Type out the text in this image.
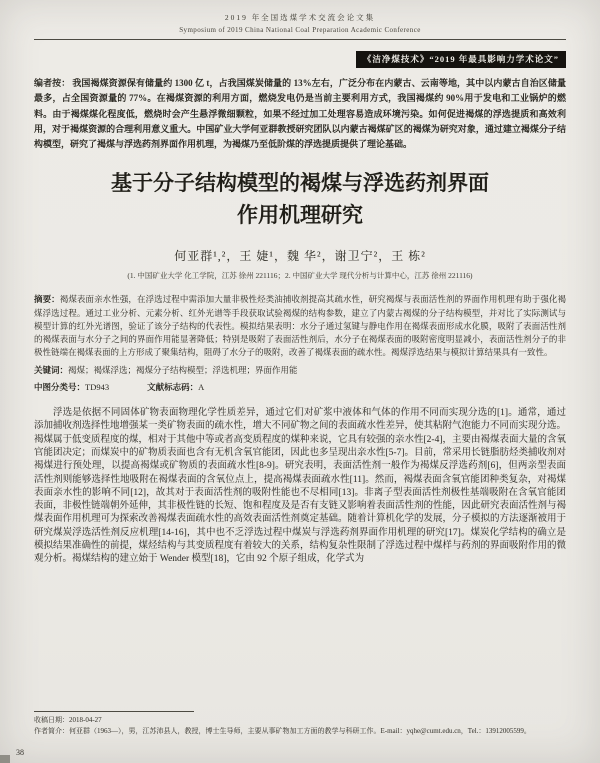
2019 年全国选煤学术交流会论文集
Symposium of 2019 China National Coal Preparation Academic Conference
《洁净煤技术》“2019 年最具影响力学术论文”

编者按： 我国褐煤资源保有储量约 1300 亿 t，占我国煤炭储量的 13%左右，广泛分布在内蒙古、云南等地，其中以内蒙古自治区储量最多，占全国资源量的 77%。在褐煤资源的利用方面，燃烧发电仍是当前主要利用方式，我国褐煤约 90%用于发电和工业锅炉的燃料。由于褐煤煤化程度低，燃烧时会产生悬浮微细颗粒，如果不经过加工处理容易造成环境污染。如何促进褐煤的浮选提质和高效利用，对于褐煤资源的合理利用意义重大。中国矿业大学何亚群教授研究团队以内蒙古褐煤矿区的褐煤为研究对象，通过建立褐煤分子结构模型，研究了褐煤与浮选药剂界面作用机理，为褐煤乃至低阶煤的浮选提质提供了理论基础。

基于分子结构模型的褐煤与浮选药剂界面
作用机理研究
何亚群¹,²，王 婕¹，魏 华²，谢卫宁²，王 栋²
(1. 中国矿业大学 化工学院，江苏 徐州 221116；2. 中国矿业大学 现代分析与计算中心，江苏 徐州 221116)

摘要：褐煤表面亲水性强，在浮选过程中需添加大量非极性烃类油捕收剂提高其疏水性，研究褐煤与表面活性剂的界面作用机理有助于强化褐煤浮选过程。通过工业分析、元素分析、红外光谱等手段获取试验褐煤的结构参数，建立了内蒙古褐煤的分子结构模型，并对比了实际测试与模型计算的红外光谱图，验证了该分子结构的代表性。模拟结果表明：水分子通过氢键与静电作用在褐煤表面形成水化膜，吸附了表面活性剂的褐煤表面与水分子之间的界面作用能显著降低；特别是吸附了表面活性剂后，水分子在褐煤表面的吸附密度明显减小，表面活性剂分子的非极性链端在褐煤表面的上方形成了聚集结构，阻碍了水分子的吸附，改善了褐煤表面的疏水性。褐煤浮选结果与模拟计算结果具有一致性。

关键词：褐煤；褐煤浮选；褐煤分子结构模型；浮选机理；界面作用能

中图分类号：TD943	文献标志码：A

浮选是依据不同固体矿物表面物理化学性质差异，通过它们对矿浆中液体和气体的作用不同而实现分选的[1]。通常，通过添加捕收剂选择性地增强某一类矿物表面的疏水性，增大不同矿物之间的表面疏水性差异，使其粘附气泡能力不同而实现分选。褐煤属于低变质程度的煤，相对于其他中等或者高变质程度的煤种来说，它具有较强的亲水性[2-4]，主要由褐煤表面大量的含氧官能团决定；而煤炭中的矿物质表面也含有无机含氧官能团，因此也多呈现出亲水性[5-7]。目前，常采用长链脂肪烃类捕收剂对褐煤进行预处理，以提高褐煤或矿物质的表面疏水性[8-9]。研究表明，表面活性剂一般作为褐煤反浮选药剂[6]，但两亲型表面活性剂则能够选择性地吸附在褐煤表面的含氧位点上，提高褐煤表面疏水性[11]。然而，褐煤表面含氧官能团种类复杂，对褐煤表面亲水性的影响不同[12]，故其对于表面活性剂的吸附性能也不尽相同[13]。非离子型表面活性剂极性基端吸附在含氧官能团表面，非极性链端朝外延伸，其非极性链的长短、饱和程度及是否有支链又影响着表面活性剂的性能，因此研究表面活性剂与褐煤表面作用机理可为探索改善褐煤表面疏水性的高效表面活性剂奠定基础。随着计算机化学的发展，分子模拟的方法逐渐被用于研究煤炭浮选活性剂反应机理[14-16]，其中也不乏浮选过程中煤炭与浮选药剂界面作用机理的研究[17]。煤炭化学结构的确立是模拟结果准确性的前提，煤烃结构与其变质程度有着较大的关系，结构复杂性限制了浮选过程中煤样与药剂的界面吸附作用的微观分析。褐煤结构的建立始于 Wender 模型[18]，它由 92 个原子组成，化学式为

收稿日期：2018-04-27
作者简介：何亚群（1963—），男，江苏沛县人，教授，博士生导师，主要从事矿物加工方面的教学与科研工作。E-mail：yqhe@cumt.edu.cn，Tel.：13912005599。
38
